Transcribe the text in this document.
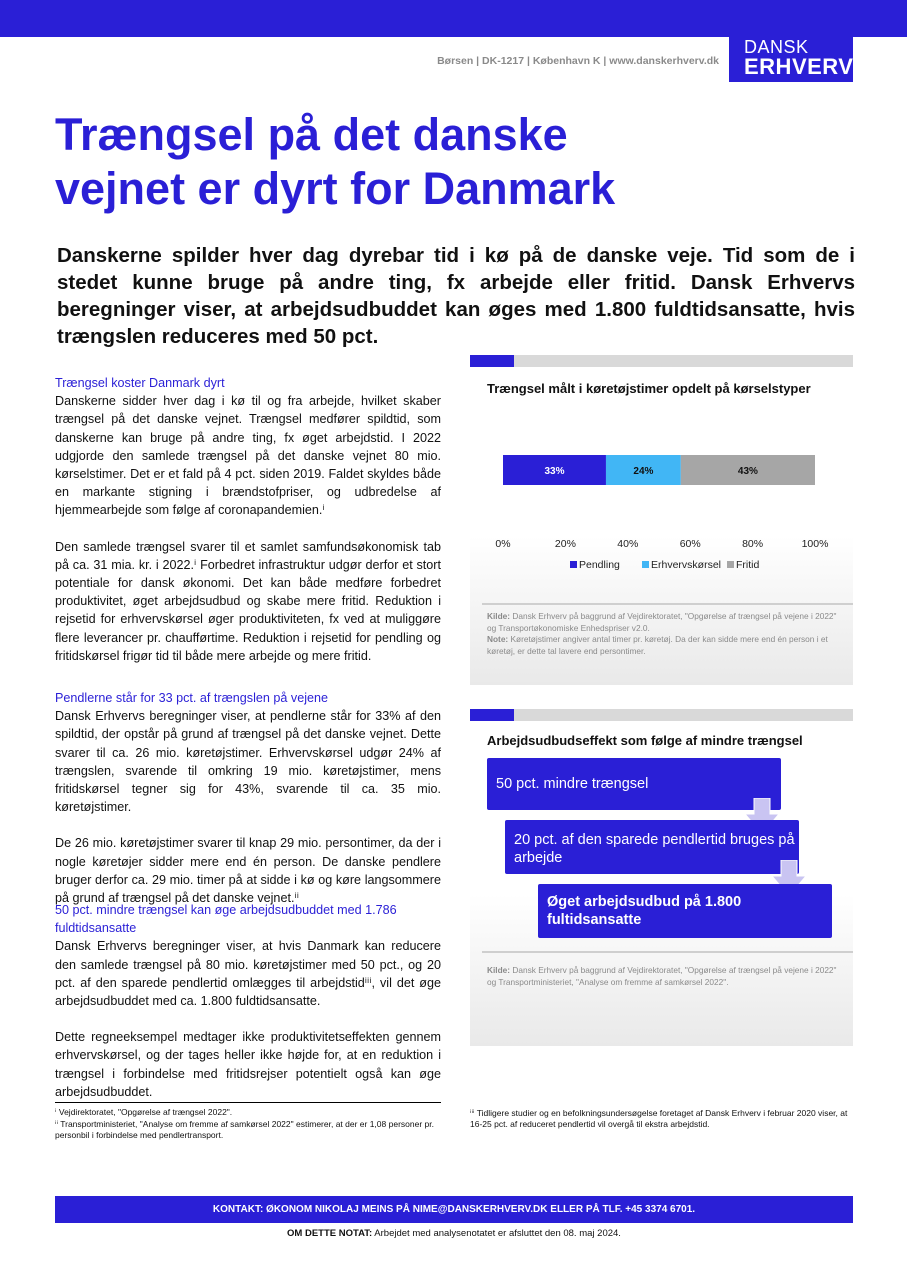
DANSK
ERHVERV
Børsen | DK-1217 | København K | www.danskerhverv.dk
Trængsel på det danske
vejnet er dyrt for Danmark

Danskerne spilder hver dag dyrebar tid i kø på de danske veje. Tid som de i stedet kunne bruge på andre ting, fx arbejde eller fritid. Dansk Erhvervs beregninger viser, at arbejdsudbuddet kan øges med 1.800 fuldtidsansatte, hvis trængslen reduceres med 50 pct.

Trængsel koster Danmark dyrt

Danskerne sidder hver dag i kø til og fra arbejde, hvilket skaber trængsel på det danske vejnet. Trængsel medfører spildtid, som danskerne kan bruge på andre ting, fx øget arbejdstid. I 2022 udgjorde den samlede trængsel på det danske vejnet 80 mio. kørselstimer. Det er et fald på 4 pct. siden 2019. Faldet skyldes både en markante stigning i brændstofpriser, og udbredelse af hjemmearbejde som følge af coronapandemien.ⁱ

Den samlede trængsel svarer til et samlet samfundsøkonomisk tab på ca. 31 mia. kr. i 2022.ⁱ Forbedret infrastruktur udgør derfor et stort potentiale for dansk økonomi. Det kan både medføre forbedret produktivitet, øget arbejdsudbud og skabe mere fritid. Reduktion i rejsetid for erhvervskørsel øger produktiviteten, fx ved at muliggøre flere leverancer pr. chaufførtime. Reduktion i rejsetid for pendling og fritidskørsel frigør tid til både mere arbejde og mere fritid.

Pendlerne står for 33 pct. af trængslen på vejene

Dansk Erhvervs beregninger viser, at pendlerne står for 33% af den spildtid, der opstår på grund af trængsel på det danske vejnet. Dette svarer til ca. 26 mio. køretøjstimer. Erhvervskørsel udgør 24% af trængslen, svarende til omkring 19 mio. køretøjstimer, mens fritidskørsel tegner sig for 43%, svarende til ca. 35 mio. køretøjstimer.

De 26 mio. køretøjstimer svarer til knap 29 mio. persontimer, da der i nogle køretøjer sidder mere end én person. De danske pendlere bruger derfor ca. 29 mio. timer på at sidde i kø og køre langsommere på grund af trængsel på det danske vejnet.ⁱⁱ

50 pct. mindre trængsel kan øge arbejdsudbuddet med 1.786 fuldtidsansatte

Dansk Erhvervs beregninger viser, at hvis Danmark kan reducere den samlede trængsel på 80 mio. køretøjstimer med 50 pct., og 20 pct. af den sparede pendlertid omlægges til arbejdstidⁱⁱⁱ, vil det øge arbejdsudbuddet med ca. 1.800 fuldtidsansatte.

Dette regneeksempel medtager ikke produktivitetseffekten gennem erhvervskørsel, og der tages heller ikke højde for, at en reduktion i trængsel i forbindelse med fritidsrejser potentielt også kan øge arbejdsudbuddet.

ⁱ Vejdirektoratet, "Opgørelse af trængsel 2022".

ⁱⁱ Transportministeriet, "Analyse om fremme af samkørsel 2022" estimerer, at der er 1,08 personer pr. personbil i forbindelse med pendlertransport.

ⁱⁱⁱ Tidligere studier og en befolkningsundersøgelse foretaget af Dansk Erhverv i februar 2020 viser, at 16-25 pct. af reduceret pendlertid vil overgå til ekstra arbejdstid.

Trængsel målt i køretøjstimer opdelt på kørselstyper
33%	24%	43%
0%	20%	40%	60%	80%	100%
Pendling	Erhvervskørsel Fritid

Kilde: Dansk Erhverv på baggrund af Vejdirektoratet, "Opgørelse af trængsel på vejene i 2022" og Transportøkonomiske Enhedspriser v2.0.
Note: Køretøjstimer angiver antal timer pr. køretøj. Da der kan sidde mere end én person i et køretøj, er dette tal lavere end persontimer.

Arbejdsudbudseffekt som følge af mindre trængsel
50 pct. mindre trængsel
20 pct. af den sparede pendlertid bruges på arbejde
Øget arbejdsudbud på 1.800 fultidsansatte

Kilde: Dansk Erhverv på baggrund af Vejdirektoratet, "Opgørelse af trængsel på vejene i 2022" og Transportministeriet, "Analyse om fremme af samkørsel 2022".

KONTAKT: ØKONOM NIKOLAJ MEINS PÅ NIME@DANSKERHVERV.DK ELLER PÅ TLF. +45 3374 6701.
OM DETTE NOTAT: Arbejdet med analysenotatet er afsluttet den 08. maj 2024.
